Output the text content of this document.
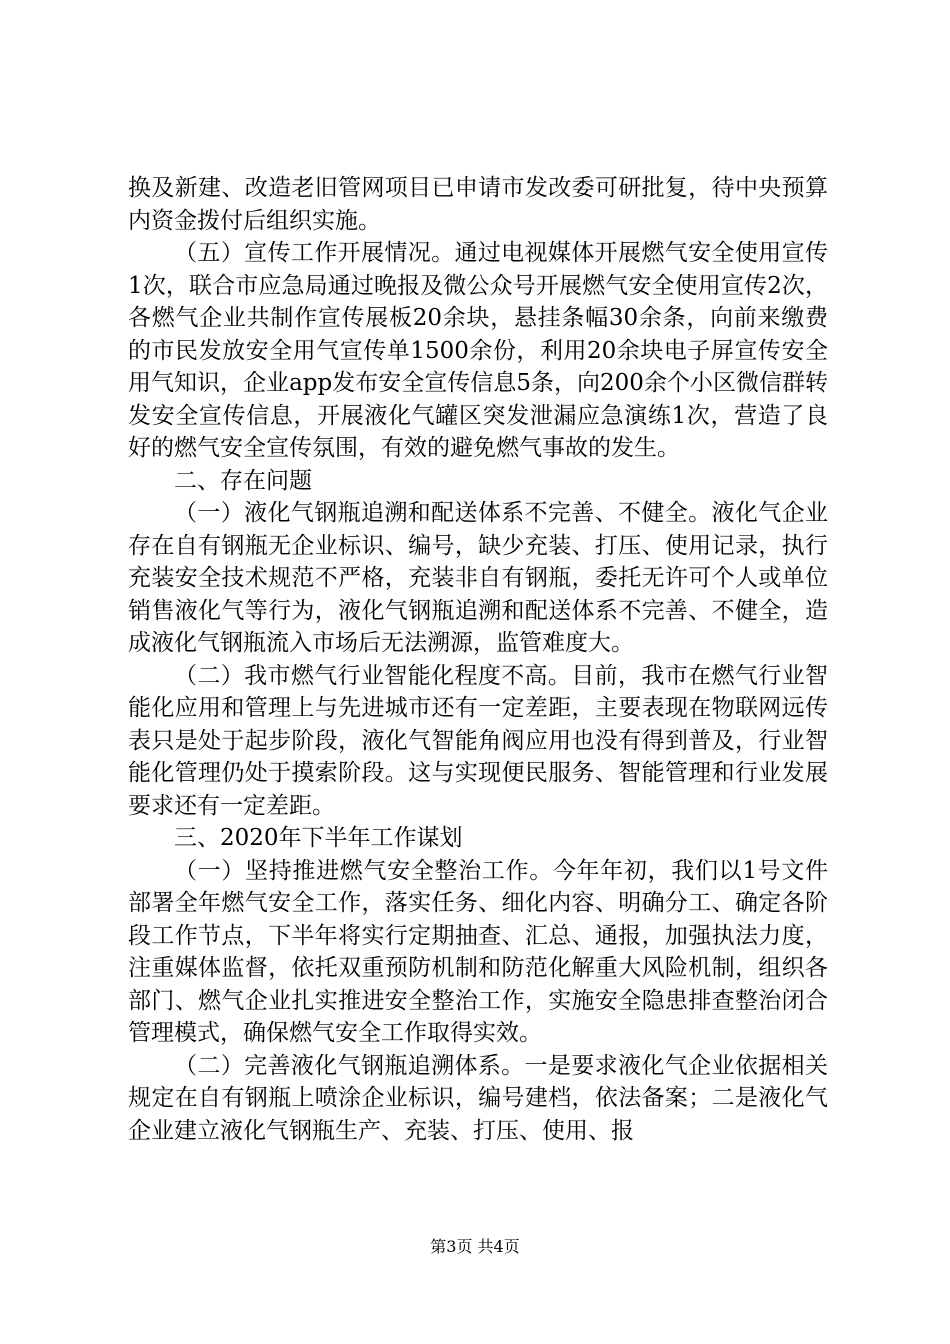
换及新建、改造老旧管网项目已申请市发改委可研批复，待中央预算内资金拨付后组织实施。

（五）宣传工作开展情况。通过电视媒体开展燃气安全使用宣传1次，联合市应急局通过晚报及微公众号开展燃气安全使用宣传2次，各燃气企业共制作宣传展板20余块，悬挂条幅30余条，向前来缴费的市民发放安全用气宣传单1500余份，利用20余块电子屏宣传安全用气知识，企业app发布安全宣传信息5条，向200余个小区微信群转发安全宣传信息，开展液化气罐区突发泄漏应急演练1次，营造了良好的燃气安全宣传氛围，有效的避免燃气事故的发生。

二、存在问题

（一）液化气钢瓶追溯和配送体系不完善、不健全。液化气企业存在自有钢瓶无企业标识、编号，缺少充装、打压、使用记录，执行充装安全技术规范不严格，充装非自有钢瓶，委托无许可个人或单位销售液化气等行为，液化气钢瓶追溯和配送体系不完善、不健全，造成液化气钢瓶流入市场后无法溯源，监管难度大。

（二）我市燃气行业智能化程度不高。目前，我市在燃气行业智能化应用和管理上与先进城市还有一定差距，主要表现在物联网远传表只是处于起步阶段，液化气智能角阀应用也没有得到普及，行业智能化管理仍处于摸索阶段。这与实现便民服务、智能管理和行业发展要求还有一定差距。

三、2020年下半年工作谋划

（一）坚持推进燃气安全整治工作。今年年初，我们以1号文件部署全年燃气安全工作，落实任务、细化内容、明确分工、确定各阶段工作节点，下半年将实行定期抽查、汇总、通报，加强执法力度，注重媒体监督，依托双重预防机制和防范化解重大风险机制，组织各部门、燃气企业扎实推进安全整治工作，实施安全隐患排查整治闭合管理模式，确保燃气安全工作取得实效。

（二）完善液化气钢瓶追溯体系。一是要求液化气企业依据相关规定在自有钢瓶上喷涂企业标识，编号建档，依法备案；二是液化气企业建立液化气钢瓶生产、充装、打压、使用、报

第3页 共4页
